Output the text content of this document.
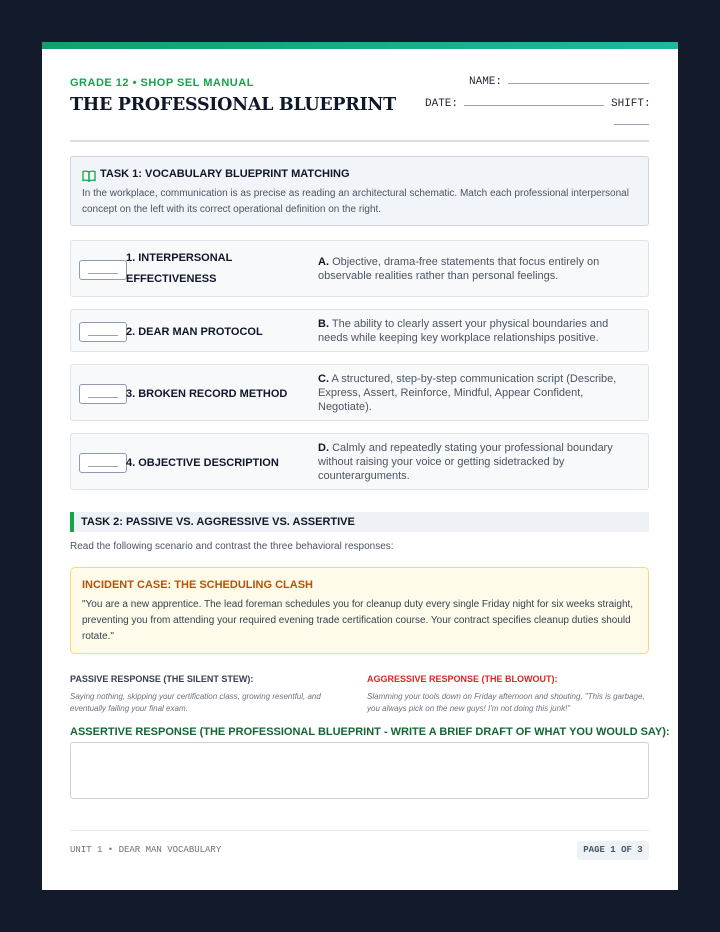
GRADE 12 • SHOP SEL MANUAL
THE PROFESSIONAL BLUEPRINT
NAME:
DATE:	SHIFT:
TASK 1: VOCABULARY BLUEPRINT MATCHING
In the workplace, communication is as precise as reading an architectural schematic. Match each professional interpersonal concept on the left with its correct operational definition on the right.
_____
1. INTERPERSONAL EFFECTIVENESS
A. Objective, drama-free statements that focus entirely on observable realities rather than personal feelings.
_____ 2. DEAR MAN PROTOCOL
B. The ability to clearly assert your physical boundaries and needs while keeping key workplace relationships positive.
_____ 3. BROKEN RECORD METHOD
C. A structured, step-by-step communication script (Describe, Express, Assert, Reinforce, Mindful, Appear Confident, Negotiate).
_____ 4. OBJECTIVE DESCRIPTION
D. Calmly and repeatedly stating your professional boundary without raising your voice or getting sidetracked by counterarguments.
TASK 2: PASSIVE VS. AGGRESSIVE VS. ASSERTIVE
Read the following scenario and contrast the three behavioral responses:
INCIDENT CASE: THE SCHEDULING CLASH
"You are a new apprentice. The lead foreman schedules you for cleanup duty every single Friday night for six weeks straight, preventing you from attending your required evening trade certification course. Your contract specifies cleanup duties should rotate."
PASSIVE RESPONSE (THE SILENT STEW):	AGGRESSIVE RESPONSE (THE BLOWOUT):
Saying nothing, skipping your certification class, growing resentful, and eventually failing your final exam.
Slamming your tools down on Friday afternoon and shouting, "This is garbage, you always pick on the new guys! I'm not doing this junk!"
ASSERTIVE RESPONSE (THE PROFESSIONAL BLUEPRINT - WRITE A BRIEF DRAFT OF WHAT YOU WOULD SAY):
UNIT 1 • DEAR MAN VOCABULARY	PAGE 1 OF 3
